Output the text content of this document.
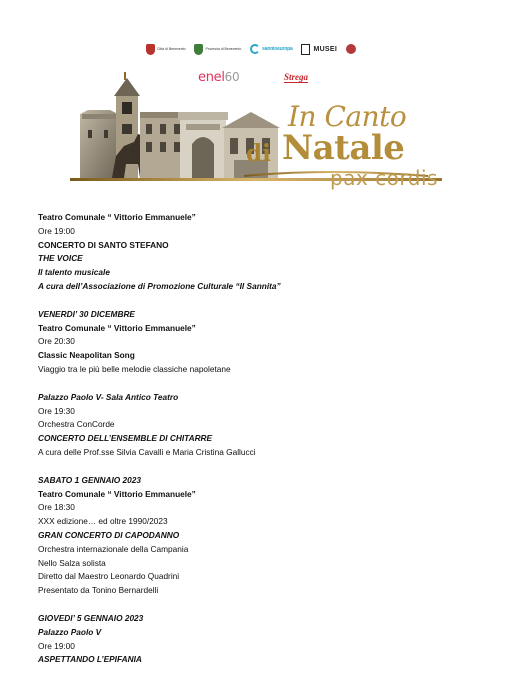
Città di Benevento	Provincia di Benevento	sannioeuropa	MUSEI
enel60	Strega
In Canto
di Natale
pax cordis
Teatro Comunale “ Vittorio Emmanuele”
Ore 19:00
CONCERTO DI SANTO STEFANO
THE VOICE
Il talento musicale
A cura dell’Associazione di Promozione Culturale “Il Sannita”
VENERDI’ 30 DICEMBRE
Teatro Comunale “ Vittorio Emmanuele”
Ore 20:30
Classic Neapolitan Song
Viaggio tra le più belle melodie classiche napoletane
Palazzo Paolo V- Sala Antico Teatro
Ore 19:30
Orchestra ConCorde
CONCERTO DELL’ENSEMBLE DI CHITARRE
A cura delle Prof.sse Silvia Cavalli e Maria Cristina Gallucci
SABATO 1 GENNAIO 2023
Teatro Comunale “ Vittorio Emmanuele”
Ore 18:30
XXX edizione… ed oltre 1990/2023
GRAN CONCERTO DI CAPODANNO
Orchestra internazionale della Campania
Nello Salza solista
Diretto dal Maestro Leonardo Quadrini
Presentato da Tonino Bernardelli
GIOVEDI’ 5 GENNAIO 2023
Palazzo Paolo V
Ore 19:00
ASPETTANDO L’EPIFANIA
